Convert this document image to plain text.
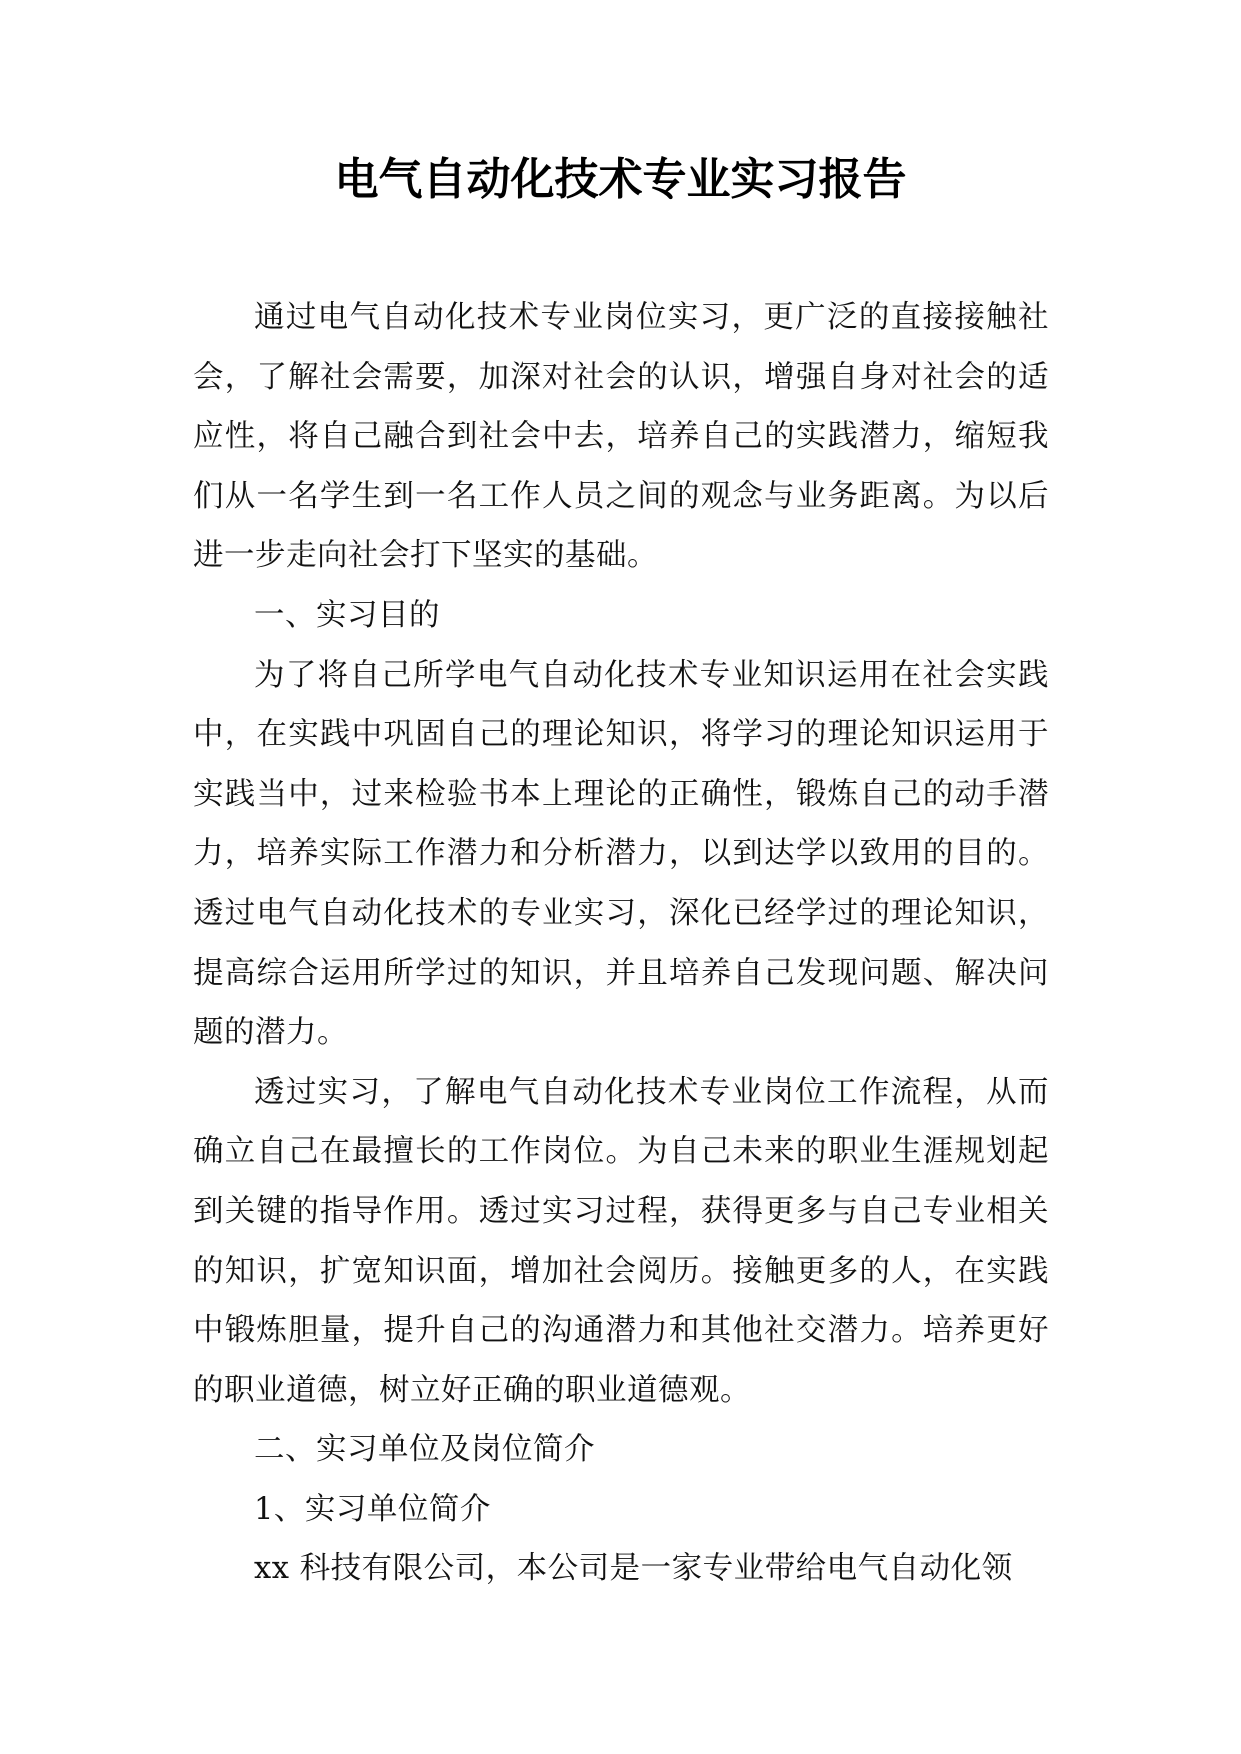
电气自动化技术专业实习报告

通过电气自动化技术专业岗位实习，更广泛的直接接触社会，了解社会需要，加深对社会的认识，增强自身对社会的适应性，将自己融合到社会中去，培养自己的实践潜力，缩短我们从一名学生到一名工作人员之间的观念与业务距离。为以后进一步走向社会打下坚实的基础。

一、实习目的

为了将自己所学电气自动化技术专业知识运用在社会实践中，在实践中巩固自己的理论知识，将学习的理论知识运用于实践当中，过来检验书本上理论的正确性，锻炼自己的动手潜力，培养实际工作潜力和分析潜力，以到达学以致用的目的。透过电气自动化技术的专业实习，深化已经学过的理论知识，提高综合运用所学过的知识，并且培养自己发现问题、解决问题的潜力。

透过实习，了解电气自动化技术专业岗位工作流程，从而确立自己在最擅长的工作岗位。为自己未来的职业生涯规划起到关键的指导作用。透过实习过程，获得更多与自己专业相关的知识，扩宽知识面，增加社会阅历。接触更多的人，在实践中锻炼胆量，提升自己的沟通潜力和其他社交潜力。培养更好的职业道德，树立好正确的职业道德观。

二、实习单位及岗位简介

1、实习单位简介

xx 科技有限公司，本公司是一家专业带给电气自动化领
